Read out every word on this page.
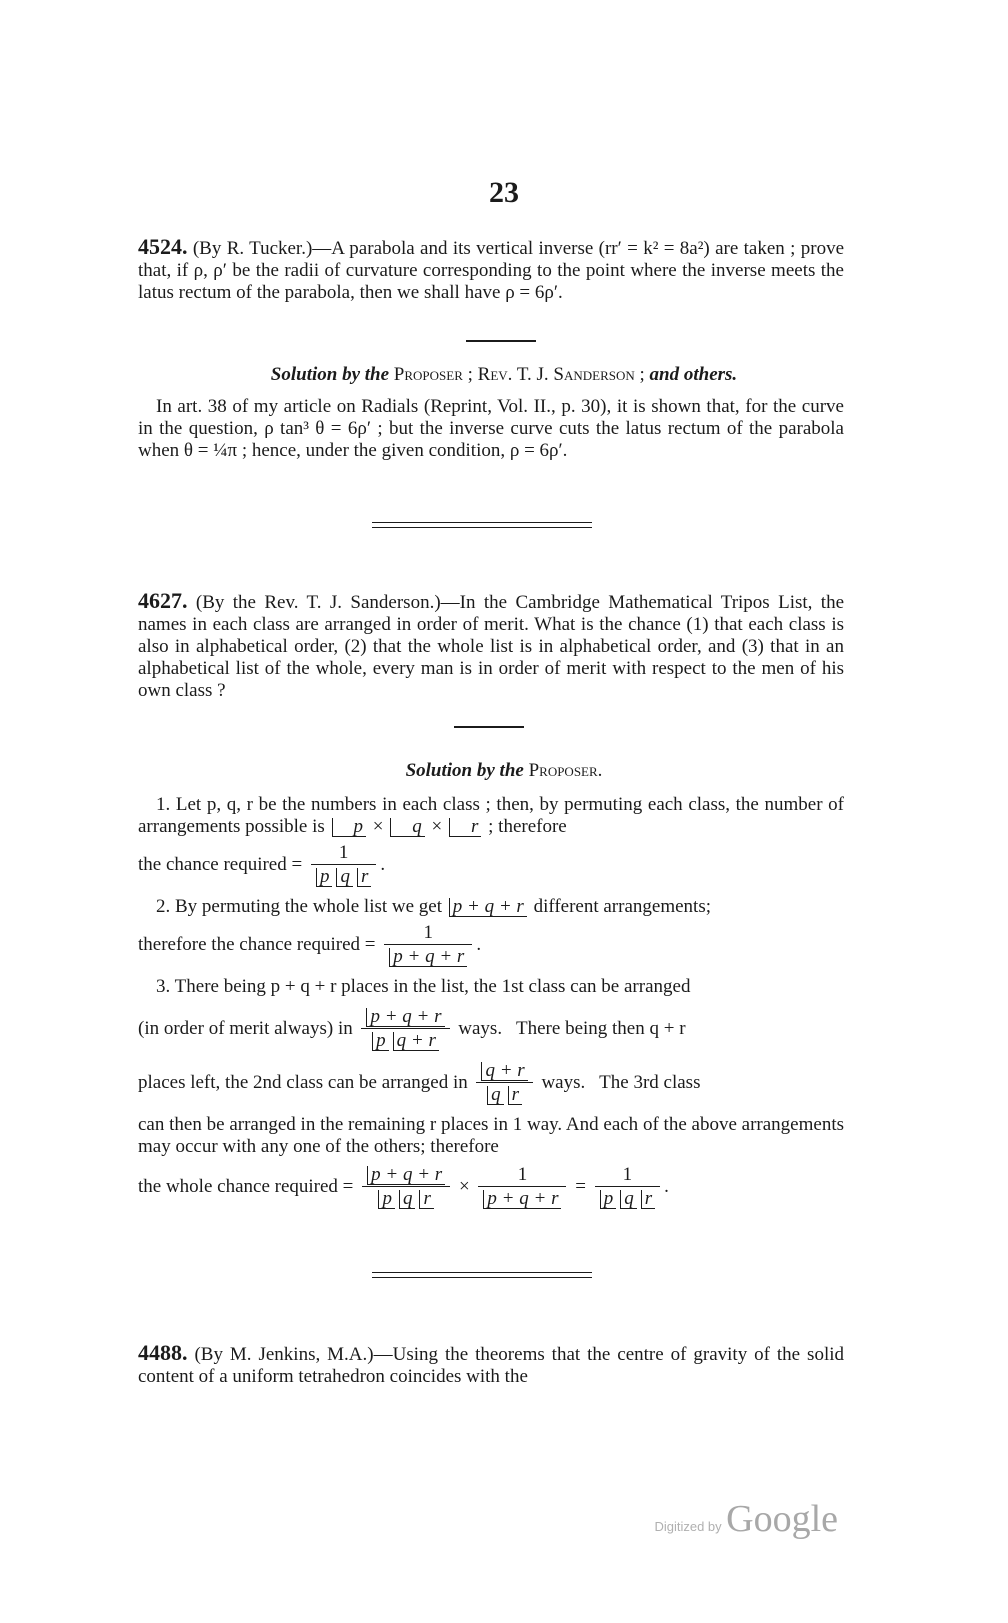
23

4524. (By R. Tucker.)—A parabola and its vertical inverse (rr′ = k² = 8a²) are taken ; prove that, if ρ, ρ′ be the radii of curvature corresponding to the point where the inverse meets the latus rectum of the parabola, then we shall have ρ = 6ρ′.

Solution by the Proposer ; Rev. T. J. Sanderson ; and others.

In art. 38 of my article on Radials (Reprint, Vol. II., p. 30), it is shown that, for the curve in the question, ρ tan³ θ = 6ρ′ ; but the inverse curve cuts the latus rectum of the parabola when θ = ¼π ; hence, under the given condition, ρ = 6ρ′.

4627. (By the Rev. T. J. Sanderson.)—In the Cambridge Mathematical Tripos List, the names in each class are arranged in order of merit. What is the chance (1) that each class is also in alphabetical order, (2) that the whole list is in alphabetical order, and (3) that in an alphabetical list of the whole, every man is in order of merit with respect to the men of his own class ?

Solution by the Proposer.

1. Let p, q, r be the numbers in each class ; then, by permuting each class, the number of arrangements possible is p × q × r ; therefore

the chance required = $\frac{1}{\text{p q r}}$ .
2. By permuting the whole list we get p + q + r different arrangements;
therefore the chance required = $\frac{1}{p + q + r}$ .
3. There being p + q + r places in the list, the 1st class can be arranged
(in order of merit always) in $\frac{p + q + r}{\text{p q + r}}$ ways. There being then q + r
places left, the 2nd class can be arranged in $\frac{q + r}{\text{q r}}$ ways. The 3rd class

can then be arranged in the remaining r places in 1 way. And each of the above arrangements may occur with any one of the others; therefore

the whole chance required = $\frac{p + q + r}{\text{p q r}} \times \frac{1}{p + q + r} = \frac{1}{\text{p q r}}$ .

4488. (By M. Jenkins, M.A.)—Using the theorems that the centre of gravity of the solid content of a uniform tetrahedron coincides with the

Digitized by Google
